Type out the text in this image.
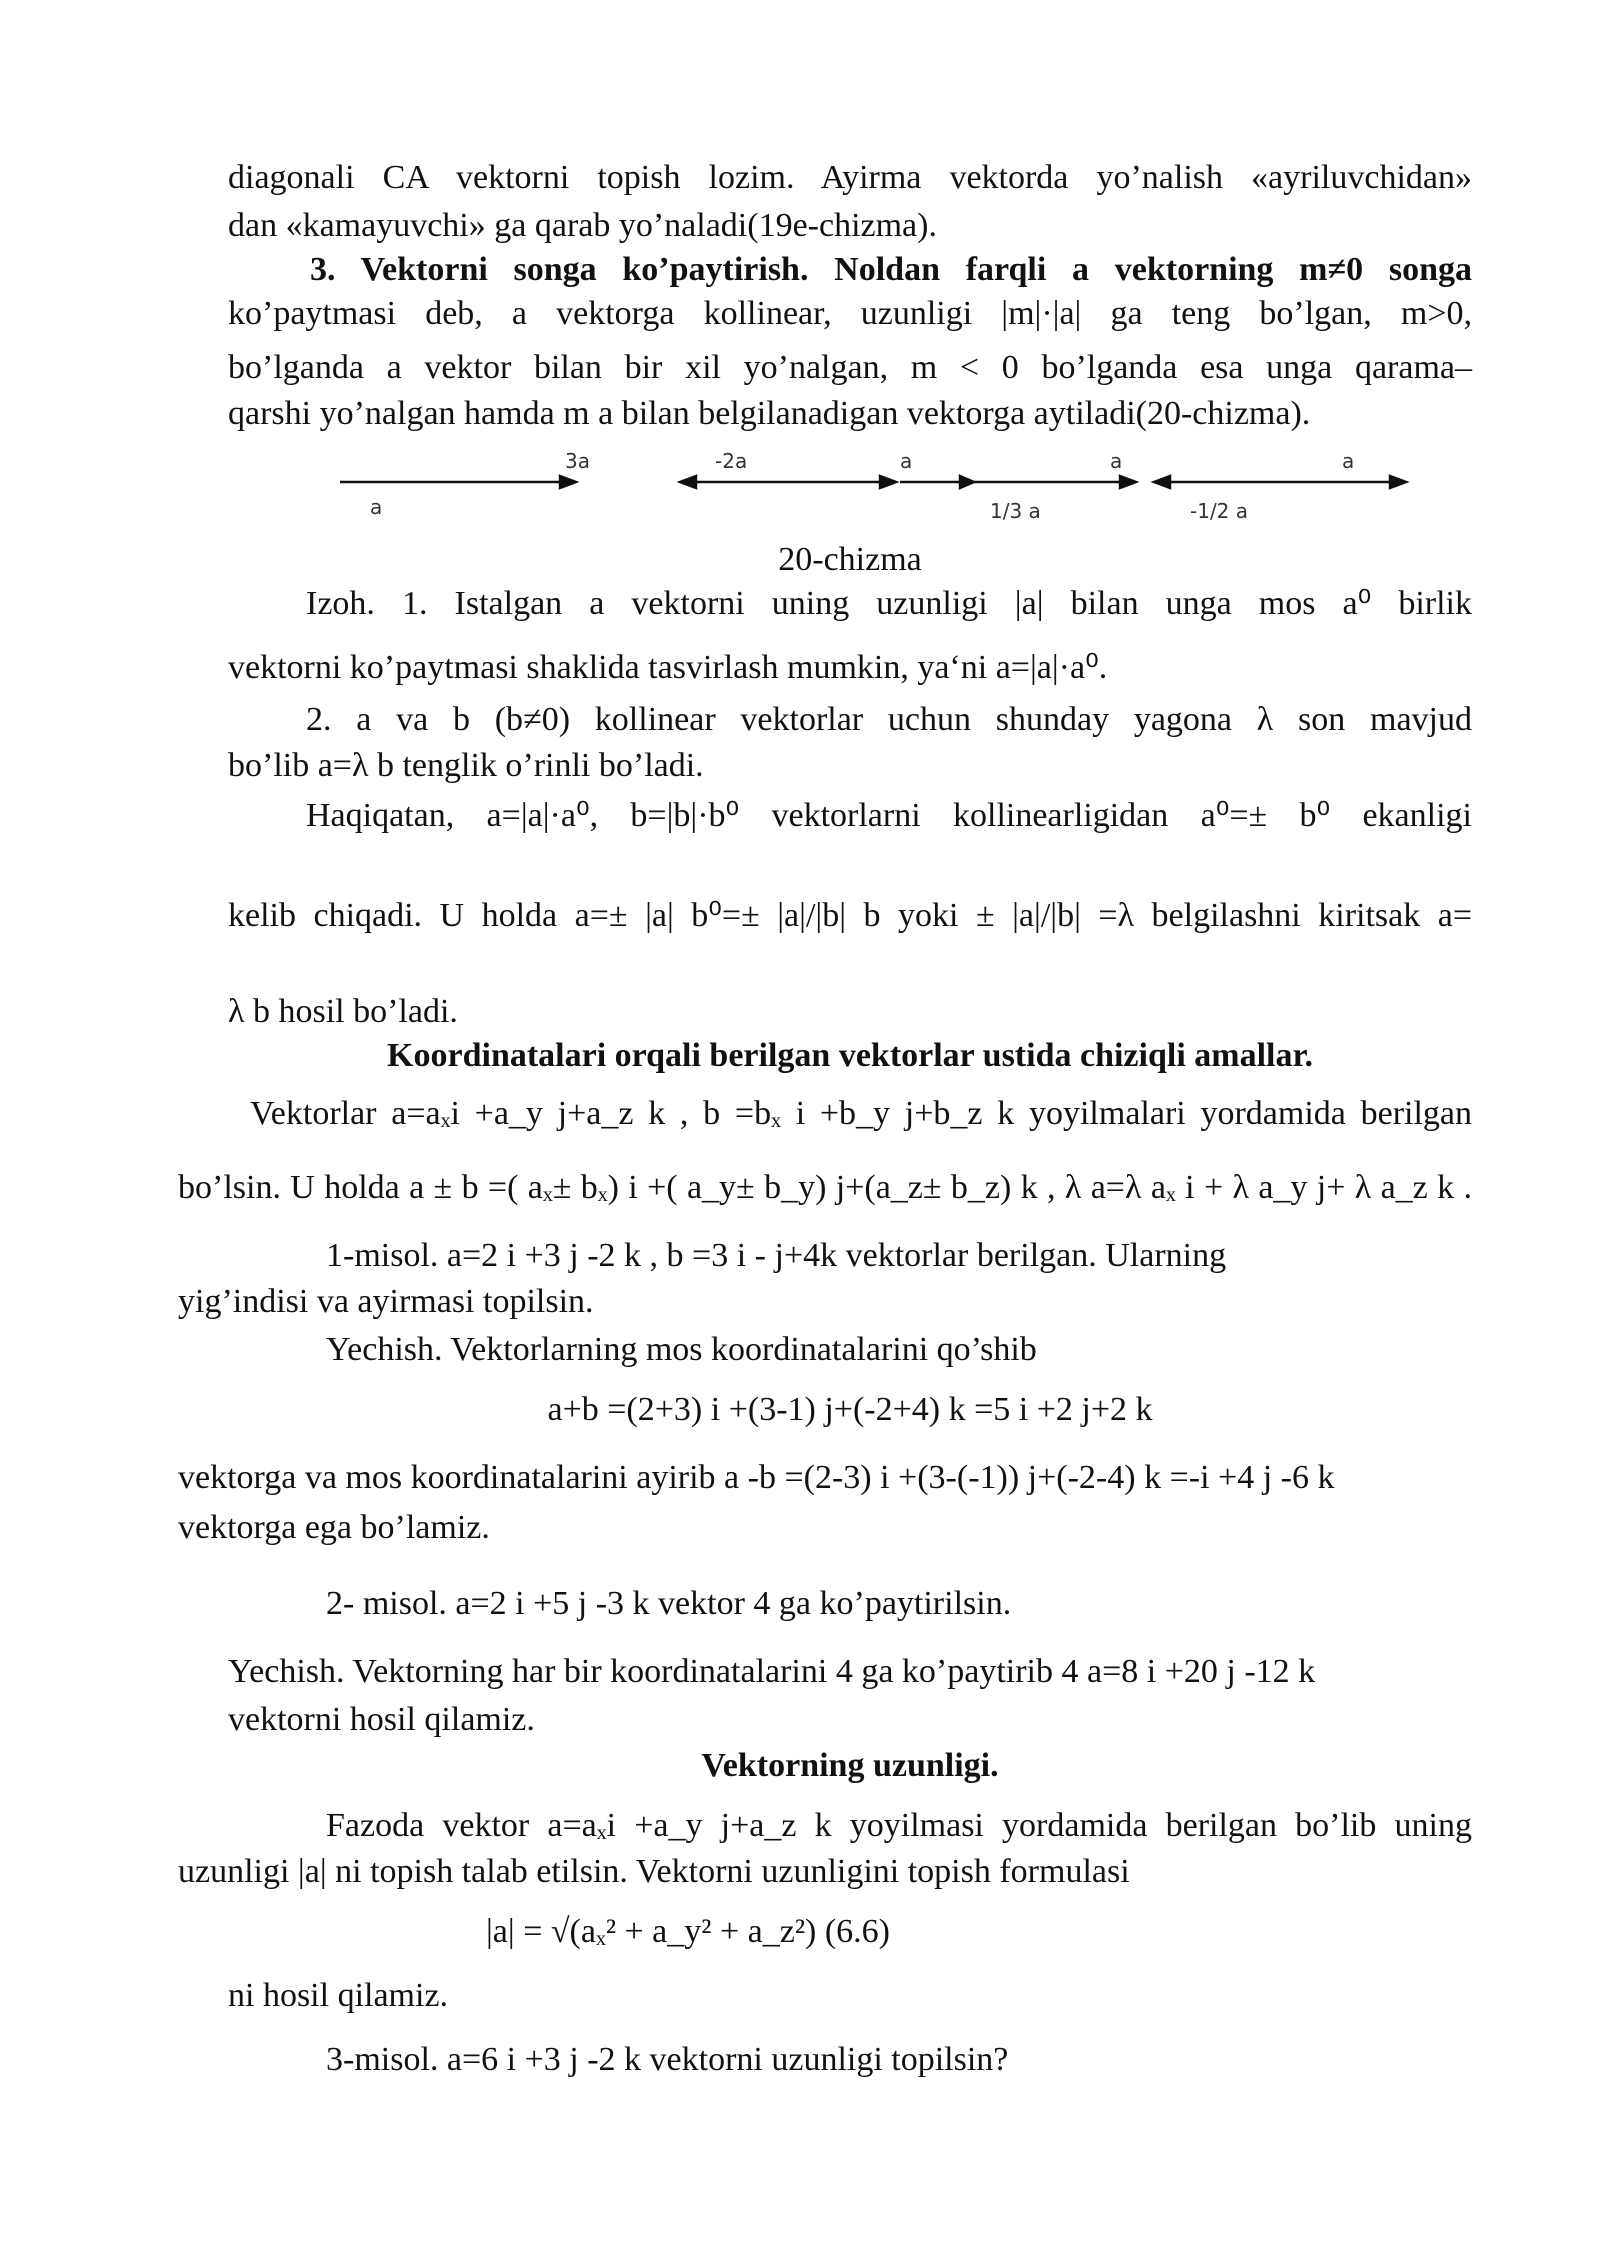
diagonali CA vektorni topish lozim. Ayirma vektorda yo’nalish «ayriluvchidan»
dan «kamayuvchi» ga qarab yo’naladi(19e-chizma).
3. Vektorni songa ko’paytirish. Noldan farqli a vektorning m≠0 songa
ko’paytmasi deb, a vektorga kollinear, uzunligi |m|·|a| ga teng bo’lgan, m>0,
bo’lganda a vektor bilan bir xil yo’nalgan, m < 0 bo’lganda esa unga qarama–
qarshi yo’nalgan hamda m a bilan belgilanadigan vektorga aytiladi(20-chizma).
3a
a
-2a	a	a
1/3 a
a
-1/2 a
20-chizma
Izoh. 1. Istalgan a vektorni uning uzunligi |a| bilan unga mos a⁰ birlik
vektorni ko’paytmasi shaklida tasvirlash mumkin, ya‘ni a=|a|·a⁰.
2. a va b (b≠0) kollinear vektorlar uchun shunday yagona λ son mavjud
bo’lib a=λ b tenglik o’rinli bo’ladi.
Haqiqatan, a=|a|·a⁰, b=|b|·b⁰ vektorlarni kollinearligidan a⁰=± b⁰ ekanligi
kelib chiqadi. U holda a=± |a| b⁰=± |a|/|b| b yoki ± |a|/|b| =λ belgilashni kiritsak a=
λ b hosil bo’ladi.
Koordinatalari orqali berilgan vektorlar ustida chiziqli amallar.
Vektorlar a=aₓi +a_y j+a_z k , b =bₓ i +b_y j+b_z k yoyilmalari yordamida berilgan
bo’lsin. U holda a ± b =( aₓ± bₓ) i +( a_y± b_y) j+(a_z± b_z) k , λ a=λ aₓ i + λ a_y j+ λ a_z k .
1-misol. a=2 i +3 j -2 k , b =3 i - j+4k vektorlar berilgan. Ularning
yig’indisi va ayirmasi topilsin.
Yechish. Vektorlarning mos koordinatalarini qo’shib
a+b =(2+3) i +(3-1) j+(-2+4) k =5 i +2 j+2 k
vektorga va mos koordinatalarini ayirib a -b =(2-3) i +(3-(-1)) j+(-2-4) k =-i +4 j -6 k
vektorga ega bo’lamiz.
2- misol. a=2 i +5 j -3 k vektor 4 ga ko’paytirilsin.
Yechish. Vektorning har bir koordinatalarini 4 ga ko’paytirib 4 a=8 i +20 j -12 k
vektorni hosil qilamiz.
Vektorning uzunligi.
Fazoda vektor a=aₓi +a_y j+a_z k yoyilmasi yordamida berilgan bo’lib uning
uzunligi |a| ni topish talab etilsin. Vektorni uzunligini topish formulasi
|a| = √(aₓ² + a_y² + a_z²) (6.6)
ni hosil qilamiz.
3-misol. a=6 i +3 j -2 k vektorni uzunligi topilsin?
